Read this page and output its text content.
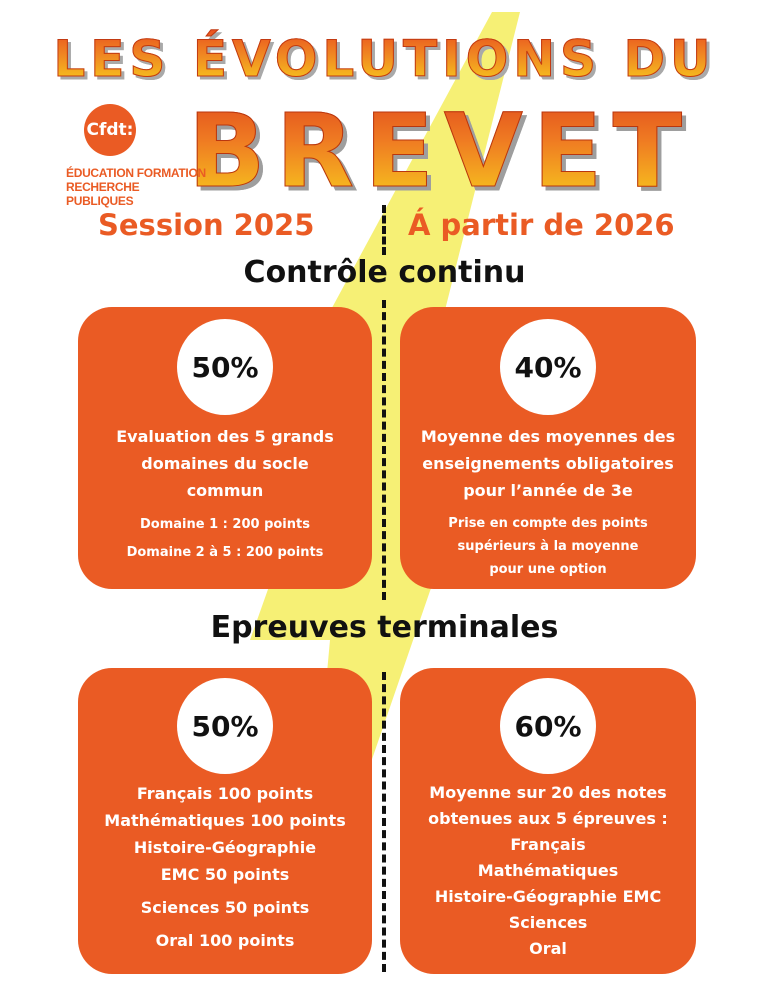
LES ÉVOLUTIONS DU
BREVET
Cfdt:
ÉDUCATION FORMATION
RECHERCHE PUBLIQUES
Session 2025	Á partir de 2026
Contrôle continu
50%
Evaluation des 5 grands
domaines du socle
commun
Domaine 1 : 200 points
Domaine 2 à 5 : 200 points
40%
Moyenne des moyennes des
enseignements obligatoires
pour l’année de 3e
Prise en compte des points
supérieurs à la moyenne
pour une option
Epreuves terminales
50%
Français 100 points
Mathématiques 100 points
Histoire-Géographie
EMC 50 points
Sciences 50 points
Oral 100 points
60%
Moyenne sur 20 des notes
obtenues aux 5 épreuves :
Français
Mathématiques
Histoire-Géographie EMC
Sciences
Oral
